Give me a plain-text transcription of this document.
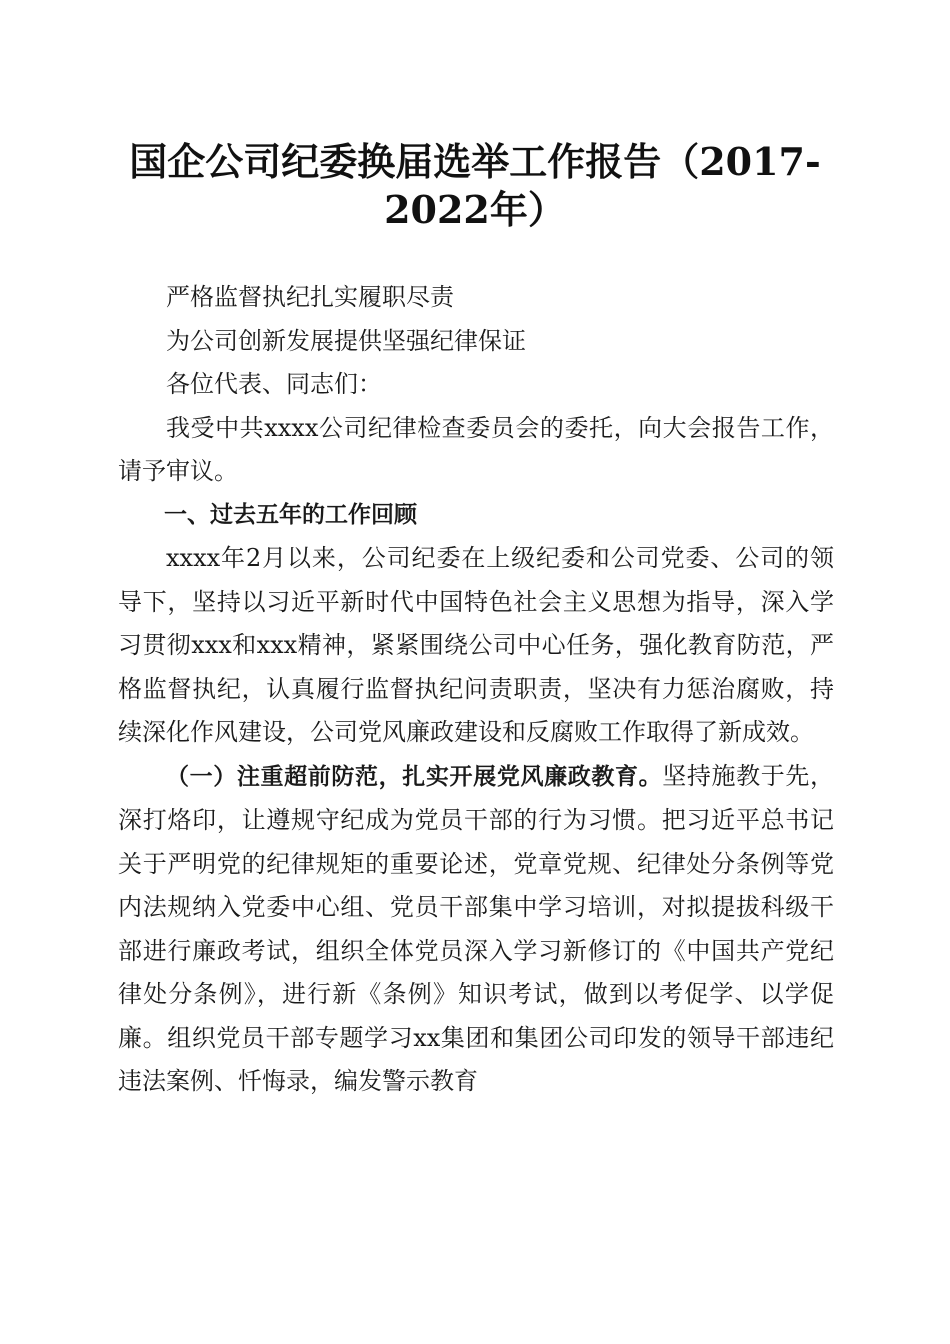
国企公司纪委换届选举工作报告（2017-2022年）

严格监督执纪扎实履职尽责

为公司创新发展提供坚强纪律保证

各位代表、同志们：

我受中共xxxx公司纪律检查委员会的委托，向大会报告工作，请予审议。

一、过去五年的工作回顾

xxxx年2月以来，公司纪委在上级纪委和公司党委、公司的领导下，坚持以习近平新时代中国特色社会主义思想为指导，深入学习贯彻xxx和xxx精神，紧紧围绕公司中心任务，强化教育防范，严格监督执纪，认真履行监督执纪问责职责，坚决有力惩治腐败，持续深化作风建设，公司党风廉政建设和反腐败工作取得了新成效。

（一）注重超前防范，扎实开展党风廉政教育。坚持施教于先，深打烙印，让遵规守纪成为党员干部的行为习惯。把习近平总书记关于严明党的纪律规矩的重要论述，党章党规、纪律处分条例等党内法规纳入党委中心组、党员干部集中学习培训，对拟提拔科级干部进行廉政考试，组织全体党员深入学习新修订的《中国共产党纪律处分条例》，进行新《条例》知识考试，做到以考促学、以学促廉。组织党员干部专题学习xx集团和集团公司印发的领导干部违纪违法案例、忏悔录，编发警示教育
